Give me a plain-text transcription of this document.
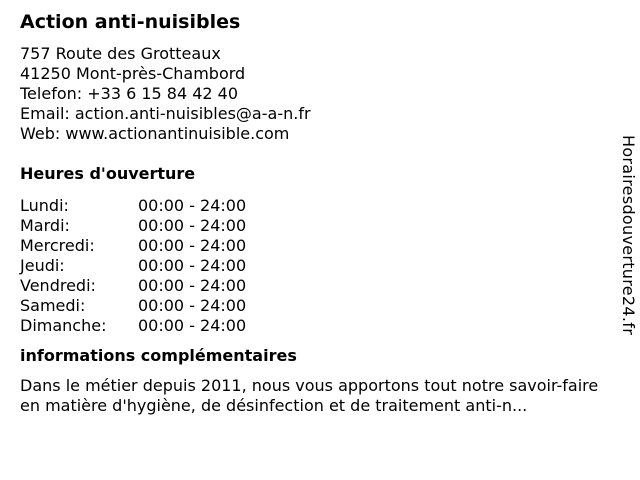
Action anti-nuisibles
757 Route des Grotteaux
41250 Mont-près-Chambord
Telefon: +33 6 15 84 42 40
Email: action.anti-nuisibles@a-a-n.fr
Web: www.actionantinuisible.com
Heures d'ouverture
Lundi:	00:00 - 24:00
Mardi:	00:00 - 24:00
Mercredi:	00:00 - 24:00
Jeudi:	00:00 - 24:00
Vendredi:	00:00 - 24:00
Samedi:	00:00 - 24:00
Dimanche: 00:00 - 24:00
informations complémentaires
Dans le métier depuis 2011, nous vous apportons tout notre savoir-faire en matière d'hygiène, de désinfection et de traitement anti-n...
Horairesdouverture24.fr
